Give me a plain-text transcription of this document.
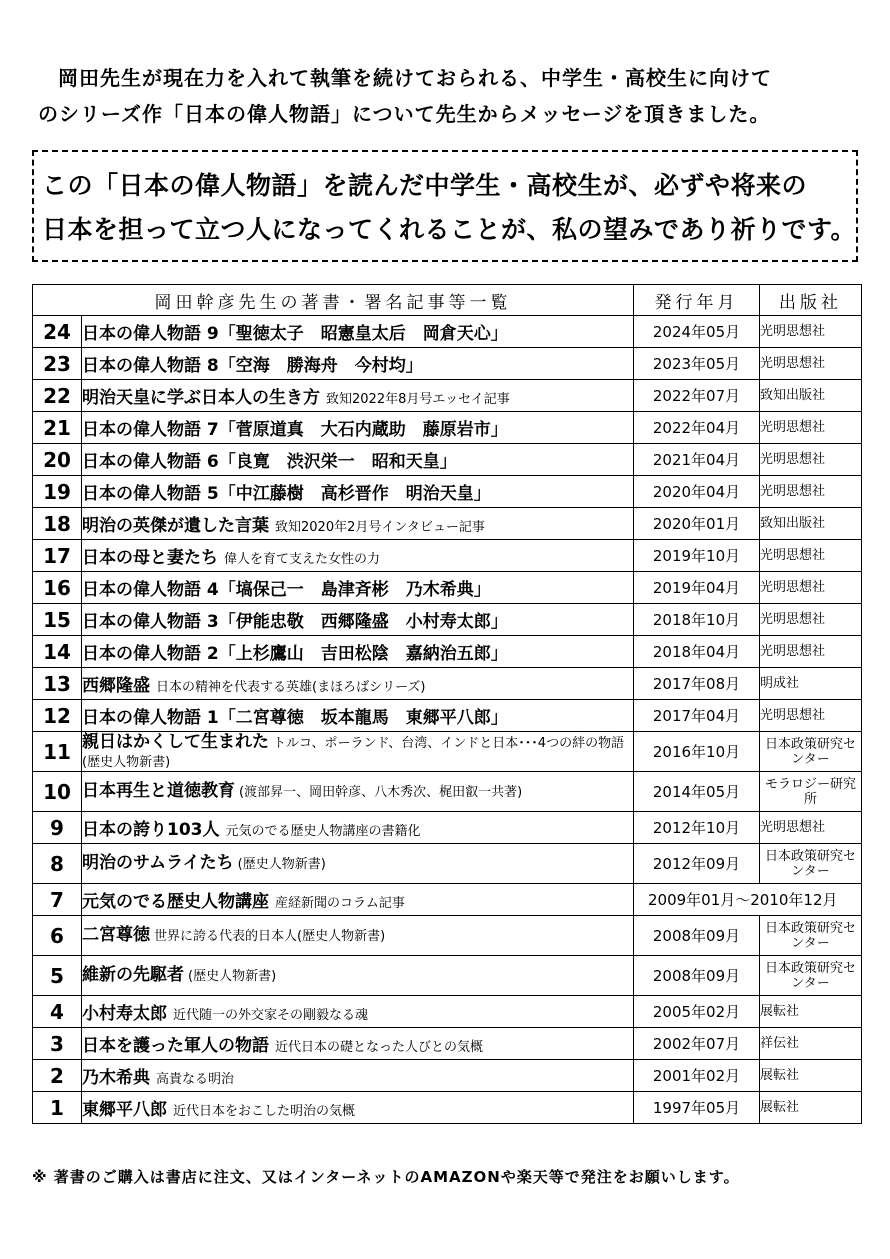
岡田先生が現在力を入れて執筆を続けておられる、中学生・高校生に向けて

のシリーズ作「日本の偉人物語」について先生からメッセージを頂きました。

この「日本の偉人物語」を読んだ中学生・高校生が、必ずや将来の

日本を担って立つ人になってくれることが、私の望みであり祈りです。

岡田幹彦先生の著書・署名記事等一覧		発行年月	出版社
24	日本の偉人物語 9「聖徳太子　昭憲皇太后　岡倉天心」	2024年05月	光明思想社
23	日本の偉人物語 8「空海　勝海舟　今村均」	2023年05月	光明思想社
22	明治天皇に学ぶ日本人の生き方 致知2022年8月号エッセイ記事	2022年07月	致知出版社
21	日本の偉人物語 7「菅原道真　大石内蔵助　藤原岩市」	2022年04月	光明思想社
20	日本の偉人物語 6「良寛　渋沢栄一　昭和天皇」	2021年04月	光明思想社
19	日本の偉人物語 5「中江藤樹　高杉晋作　明治天皇」	2020年04月	光明思想社
18	明治の英傑が遺した言葉 致知2020年2月号インタビュー記事	2020年01月	致知出版社
17	日本の母と妻たち 偉人を育て支えた女性の力	2019年10月	光明思想社
16	日本の偉人物語 4「塙保己一　島津斉彬　乃木希典」	2019年04月	光明思想社
15	日本の偉人物語 3「伊能忠敬　西郷隆盛　小村寿太郎」	2018年10月	光明思想社
14	日本の偉人物語 2「上杉鷹山　吉田松陰　嘉納治五郎」	2018年04月	光明思想社
13	西郷隆盛 日本の精神を代表する英雄(まほろばシリーズ)	2017年08月	明成社
12	日本の偉人物語 1「二宮尊徳　坂本龍馬　東郷平八郎」	2017年04月	光明思想社
11	親日はかくして生まれた トルコ、ポーランド、台湾、インドと日本･･･4つの絆の物語(歴史人物新書)	2016年10月	日本政策研究センター
10	日本再生と道徳教育 (渡部昇一、岡田幹彦、八木秀次、梶田叡一共著)	2014年05月	モラロジー研究所
9	日本の誇り103人 元気のでる歴史人物講座の書籍化	2012年10月	光明思想社
8	明治のサムライたち (歴史人物新書)	2012年09月	日本政策研究センター
7	元気のでる歴史人物講座 産経新聞のコラム記事	2009年01月～2010年12月	
6	二宮尊徳 世界に誇る代表的日本人(歴史人物新書)	2008年09月	日本政策研究センター
5	維新の先駆者 (歴史人物新書)	2008年09月	日本政策研究センター
4	小村寿太郎 近代随一の外交家その剛毅なる魂	2005年02月	展転社
3	日本を護った軍人の物語 近代日本の礎となった人びとの気概	2002年07月	祥伝社
2	乃木希典 高貴なる明治	2001年02月	展転社
1	東郷平八郎 近代日本をおこした明治の気概	1997年05月	展転社
※ 著書のご購入は書店に注文、又はインターネットのAMAZONや楽天等で発注をお願いします。
